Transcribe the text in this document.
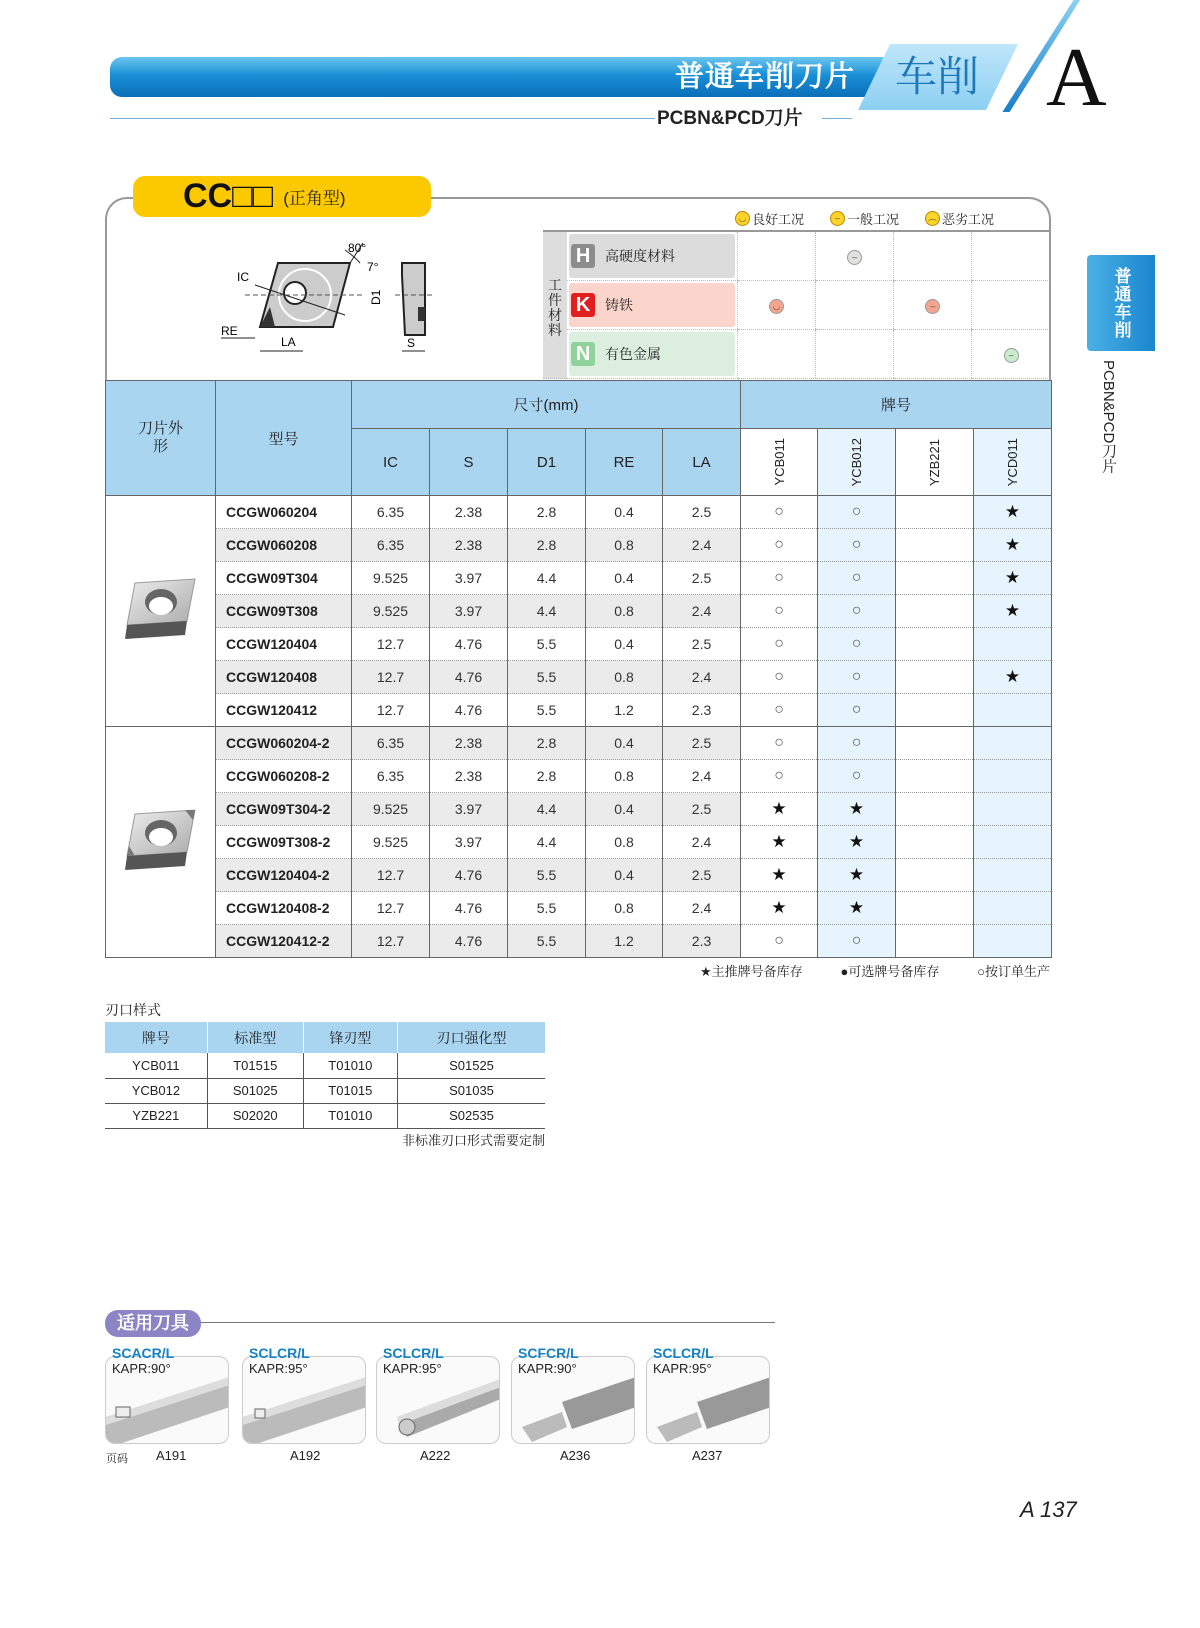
普通车削刀片 车削 A
PCBN&PCD刀片
普通车削
PCBN&PCD刀片
CC□□ (正角型)
80°
IC
RE
LA
7°
D1
S
◡ 良好工况	– 一般工况	︵ 恶劣工况
工件材料	H 高硬度材料		–		

	K 铸铁	◡		–	

	N 有色金属				–
刀片外形	型号	尺寸(mm)					牌号			
		IC	S	D1	RE	LA	YCB011	YCB012	YZB221	YCD011

	CCGW060204	6.35	2.38	2.8	0.4	2.5	○	○		★
	CCGW060208	6.35	2.38	2.8	0.8	2.4	○	○		★
	CCGW09T304	9.525	3.97	4.4	0.4	2.5	○	○		★
	CCGW09T308	9.525	3.97	4.4	0.8	2.4	○	○		★
	CCGW120404	12.7	4.76	5.5	0.4	2.5	○	○		
	CCGW120408	12.7	4.76	5.5	0.8	2.4	○	○		★
	CCGW120412	12.7	4.76	5.5	1.2	2.3	○	○		
	CCGW060204-2	6.35	2.38	2.8	0.4	2.5	○	○		
	CCGW060208-2	6.35	2.38	2.8	0.8	2.4	○	○		
	CCGW09T304-2	9.525	3.97	4.4	0.4	2.5	★	★		
	CCGW09T308-2	9.525	3.97	4.4	0.8	2.4	★	★		
	CCGW120404-2	12.7	4.76	5.5	0.4	2.5	★	★		
	CCGW120408-2	12.7	4.76	5.5	0.8	2.4	★	★		
	CCGW120412-2	12.7	4.76	5.5	1.2	2.3	○	○		
★主推牌号备库存	●可选牌号备库存	○按订单生产
刃口样式
牌号	标准型	锋刃型	刃口强化型
YCB011	T01515	T01010	S01525
YCB012	S01025	T01015	S01035
YZB221	S02020	T01010	S02535
非标准刃口形式需要定制
适用刀具
SCACR/L
KAPR:90°
A191
SCLCR/L
KAPR:95°
A192
SCLCR/L
KAPR:95°
A222
SCFCR/L
KAPR:90°
A236
SCLCR/L
KAPR:95°
A237
页码
A 137
